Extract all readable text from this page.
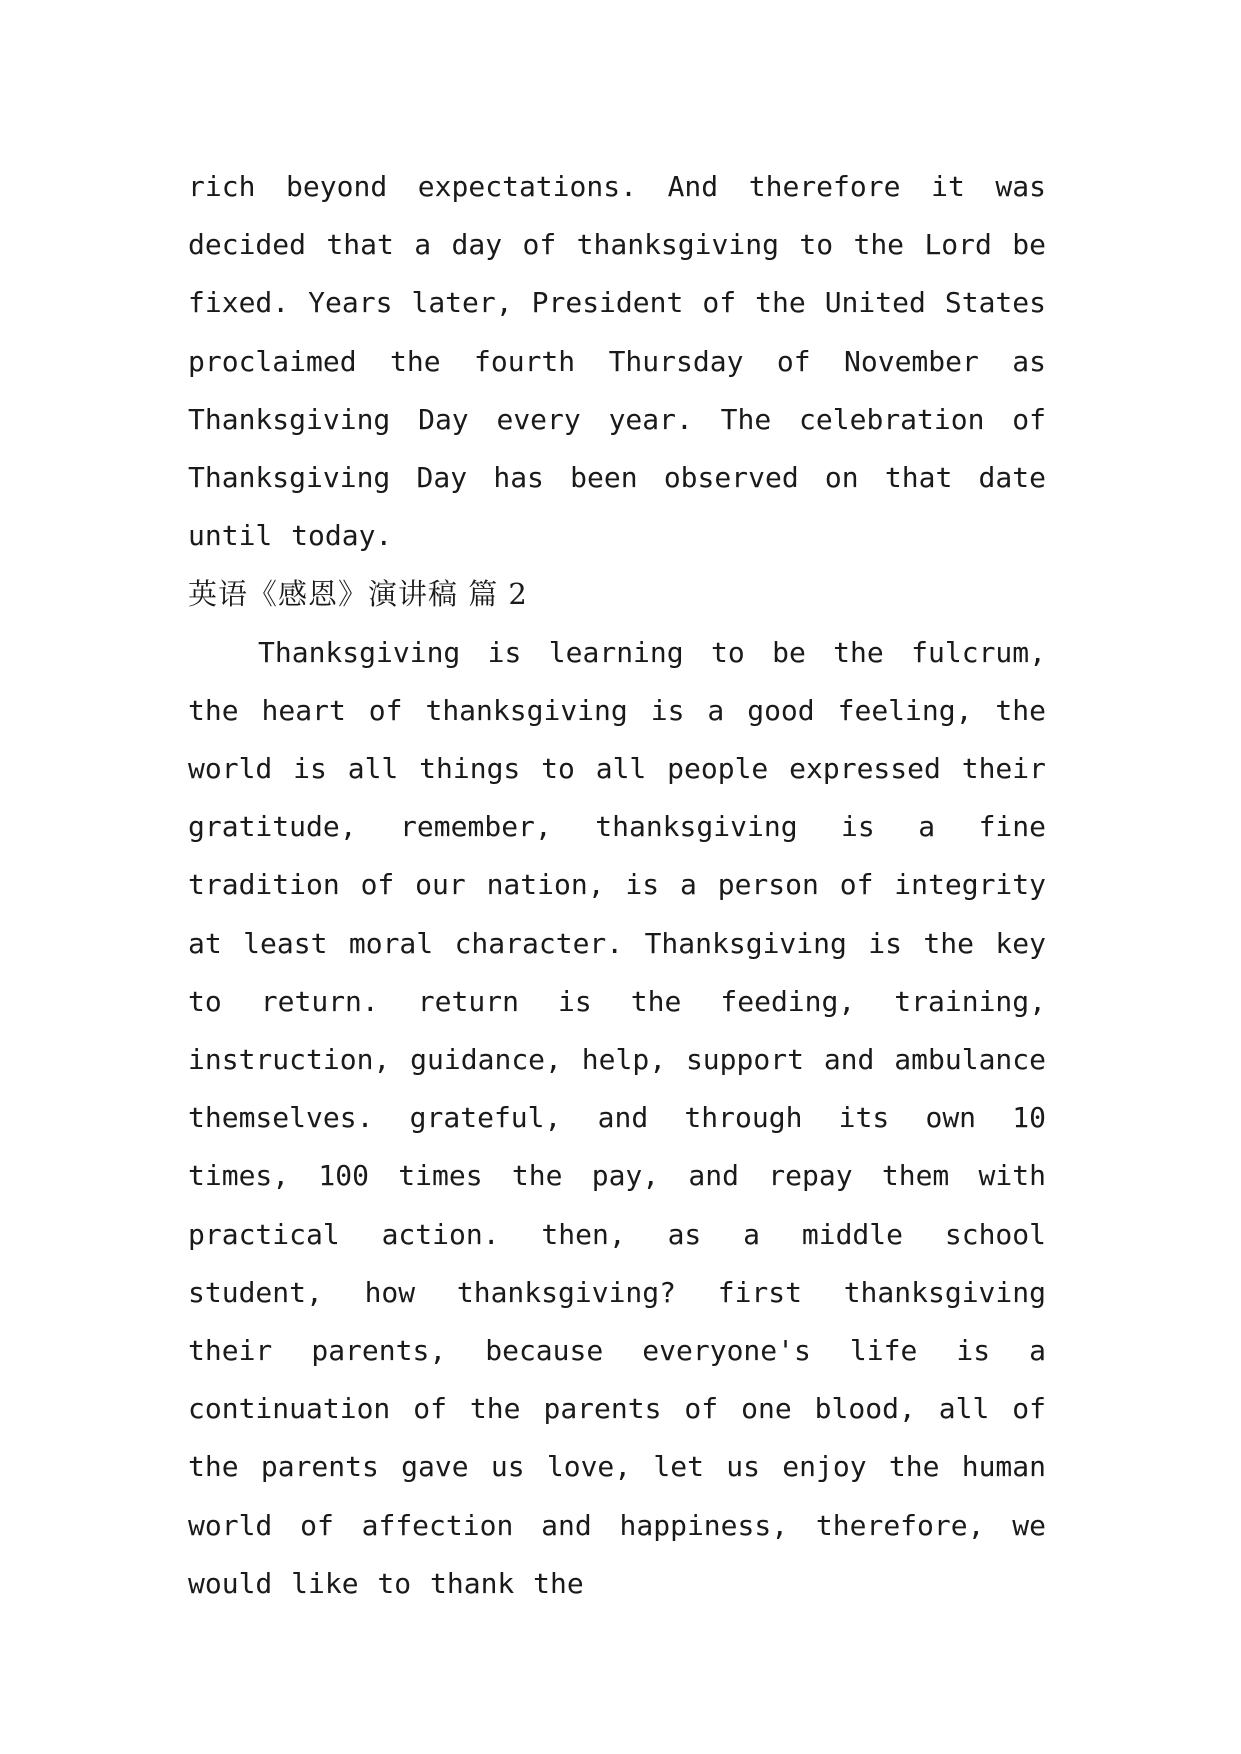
rich beyond expectations. And therefore it was decided that a day of thanksgiving to the Lord be fixed. Years later, President of the United States proclaimed the fourth Thursday of November as Thanksgiving Day every year. The celebration of Thanksgiving Day has been observed on that date until today.

英语《感恩》演讲稿 篇 2

Thanksgiving is learning to be the fulcrum, the heart of thanksgiving is a good feeling, the world is all things to all people expressed their gratitude, remember, thanksgiving is a fine tradition of our nation, is a person of integrity at least moral character. Thanksgiving is the key to return. return is the feeding, training, instruction, guidance, help, support and ambulance themselves. grateful, and through its own 10 times, 100 times the pay, and repay them with practical action. then, as a middle school student, how thanksgiving? first thanksgiving their parents, because everyone's life is a continuation of the parents of one blood, all of the parents gave us love, let us enjoy the human world of affection and happiness, therefore, we would like to thank the
